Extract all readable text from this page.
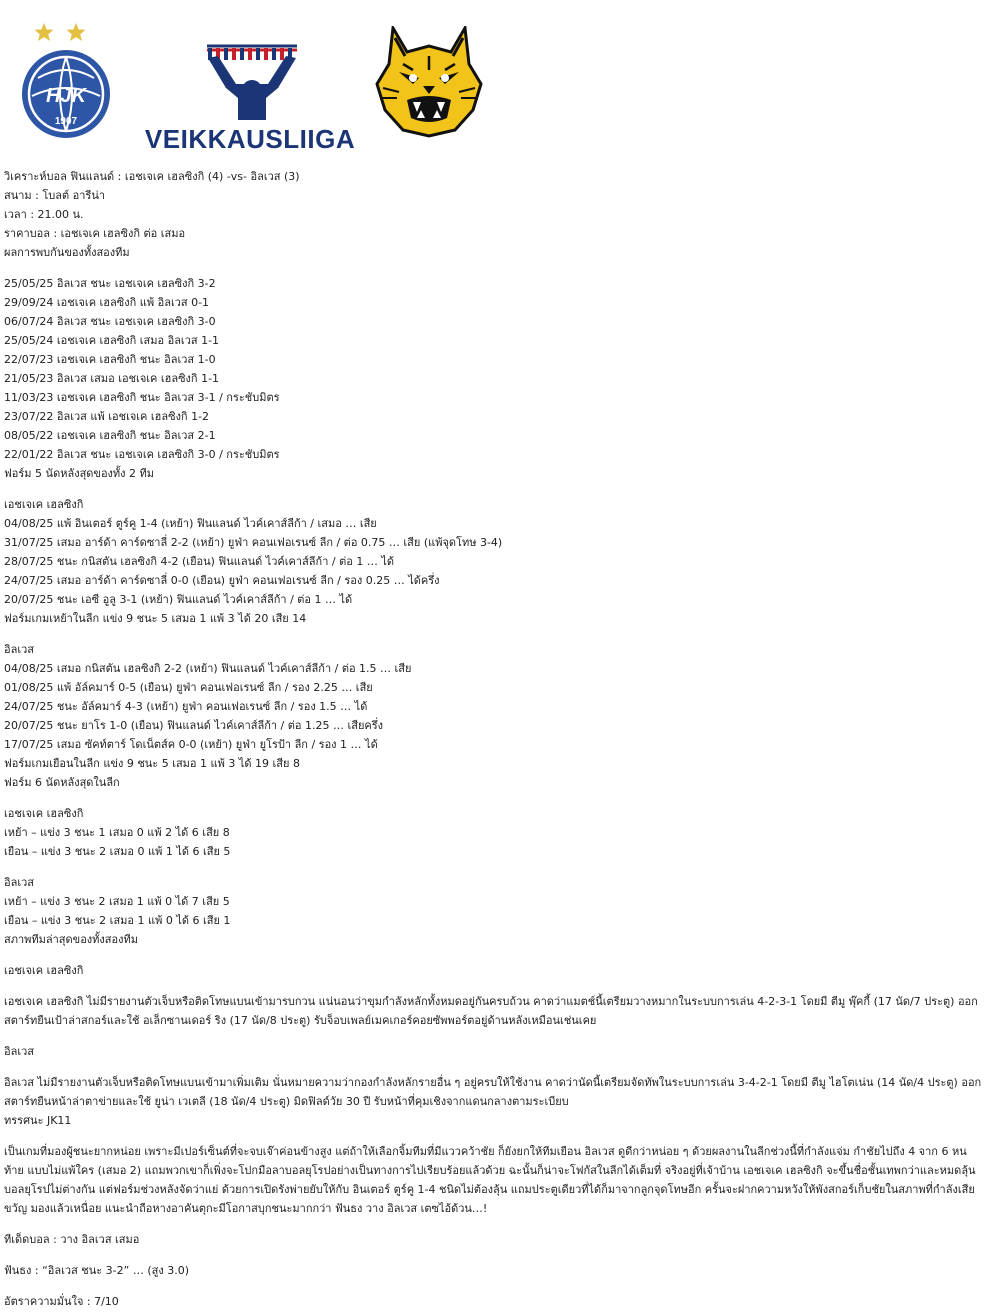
HJK
1907
VEIKKAUSLIIGA
วิเคราะห์บอล ฟินแลนด์ : เอชเจเค เฮลซิงกิ (4) -vs- อิลเวส (3)
สนาม : โบลต์ อารีน่า
เวลา : 21.00 น.
ราคาบอล : เอชเจเค เฮลซิงกิ ต่อ เสมอ
ผลการพบกันของทั้งสองทีม
25/05/25 อิลเวส ชนะ เอชเจเค เฮลซิงกิ 3-2
29/09/24 เอชเจเค เฮลซิงกิ แพ้ อิลเวส 0-1
06/07/24 อิลเวส ชนะ เอชเจเค เฮลซิงกิ 3-0
25/05/24 เอชเจเค เฮลซิงกิ เสมอ อิลเวส 1-1
22/07/23 เอชเจเค เฮลซิงกิ ชนะ อิลเวส 1-0
21/05/23 อิลเวส เสมอ เอชเจเค เฮลซิงกิ 1-1
11/03/23 เอชเจเค เฮลซิงกิ ชนะ อิลเวส 3-1 / กระชับมิตร
23/07/22 อิลเวส แพ้ เอชเจเค เฮลซิงกิ 1-2
08/05/22 เอชเจเค เฮลซิงกิ ชนะ อิลเวส 2-1
22/01/22 อิลเวส ชนะ เอชเจเค เฮลซิงกิ 3-0 / กระชับมิตร
ฟอร์ม 5 นัดหลังสุดของทั้ง 2 ทีม
เอชเจเค เฮลซิงกิ
04/08/25 แพ้ อินเตอร์ ตูร์คู 1-4 (เหย้า) ฟินแลนด์ ไวค์เคาส์ลีก้า / เสมอ … เสีย
31/07/25 เสมอ อาร์ด้า คาร์ดซาลี่ 2-2 (เหย้า) ยูฟ่า คอนเฟอเรนซ์ ลีก / ต่อ 0.75 … เสีย (แพ้จุดโทษ 3-4)
28/07/25 ชนะ กนิสตัน เฮลซิงกิ 4-2 (เยือน) ฟินแลนด์ ไวค์เคาส์ลีก้า / ต่อ 1 … ได้
24/07/25 เสมอ อาร์ด้า คาร์ดซาลี่ 0-0 (เยือน) ยูฟ่า คอนเฟอเรนซ์ ลีก / รอง 0.25 … ได้ครึ่ง
20/07/25 ชนะ เอซี อูลู 3-1 (เหย้า) ฟินแลนด์ ไวค์เคาส์ลีก้า / ต่อ 1 … ได้
ฟอร์มเกมเหย้าในลีก แข่ง 9 ชนะ 5 เสมอ 1 แพ้ 3 ได้ 20 เสีย 14
อิลเวส
04/08/25 เสมอ กนิสตัน เฮลซิงกิ 2-2 (เหย้า) ฟินแลนด์ ไวค์เคาส์ลีก้า / ต่อ 1.5 … เสีย
01/08/25 แพ้ อัล์คมาร์ 0-5 (เยือน) ยูฟ่า คอนเฟอเรนซ์ ลีก / รอง 2.25 … เสีย
24/07/25 ชนะ อัล์คมาร์ 4-3 (เหย้า) ยูฟ่า คอนเฟอเรนซ์ ลีก / รอง 1.5 … ได้
20/07/25 ชนะ ยาโร 1-0 (เยือน) ฟินแลนด์ ไวค์เคาส์ลีก้า / ต่อ 1.25 … เสียครึ่ง
17/07/25 เสมอ ซัคท์ตาร์ โดเน็ตส์ค 0-0 (เหย้า) ยูฟ่า ยูโรป้า ลีก / รอง 1 … ได้
ฟอร์มเกมเยือนในลีก แข่ง 9 ชนะ 5 เสมอ 1 แพ้ 3 ได้ 19 เสีย 8
ฟอร์ม 6 นัดหลังสุดในลีก
เอชเจเค เฮลซิงกิ
เหย้า – แข่ง 3 ชนะ 1 เสมอ 0 แพ้ 2 ได้ 6 เสีย 8
เยือน – แข่ง 3 ชนะ 2 เสมอ 0 แพ้ 1 ได้ 6 เสีย 5
อิลเวส
เหย้า – แข่ง 3 ชนะ 2 เสมอ 1 แพ้ 0 ได้ 7 เสีย 5
เยือน – แข่ง 3 ชนะ 2 เสมอ 1 แพ้ 0 ได้ 6 เสีย 1
สภาพทีมล่าสุดของทั้งสองทีม
เอชเจเค เฮลซิงกิ
เอชเจเค เฮลซิงกิ ไม่มีรายงานตัวเจ็บหรือติดโทษแบนเข้ามารบกวน แน่นอนว่าขุมกำลังหลักทั้งหมดอยู่กันครบถ้วน คาดว่าแมตช์นี้เตรียมวางหมากในระบบการเล่น 4-2-3-1 โดยมี ตีมู พุ๊คกี้ (17 นัด/7 ประตู) ออกสตาร์ทยืนเป้าล่าสกอร์และใช้ อเล็กซานเดอร์ ริง (17 นัด/8 ประตู) รับจ็อบเพลย์เมคเกอร์คอยซัพพอร์ตอยู่ด้านหลังเหมือนเช่นเคย
อิลเวส
อิลเวส ไม่มีรายงานตัวเจ็บหรือติดโทษแบนเข้ามาเพิ่มเติม นั่นหมายความว่ากองกำลังหลักรายอื่น ๆ อยู่ครบให้ใช้งาน คาดว่านัดนี้เตรียมจัดทัพในระบบการเล่น 3-4-2-1 โดยมี ตีมู ไฮโตเน่น (14 นัด/4 ประตู) ออกสตาร์ทยืนหน้าล่าตาข่ายและใช้ ยูน่า เวเตลี (18 นัด/4 ประตู) มิดฟิลด์วัย 30 ปี รับหน้าที่คุมเชิงจากแดนกลางตามระเบียบ
ทรรศนะ JK11
เป็นเกมที่มองผู้ชนะยากหน่อย เพราะมีเปอร์เซ็นต์ที่จะจบเจ๊าค่อนข้างสูง แต่ถ้าให้เลือกจิ้มทีมที่มีแววคว้าชัย ก็ยังยกให้ทีมเยือน อิลเวส ดูดีกว่าหน่อย ๆ ด้วยผลงานในลีกช่วงนี้ที่กำลังแจ่ม กำชัยไปถึง 4 จาก 6 หนท้าย แบบไม่แพ้ใคร (เสมอ 2) แถมพวกเขาก็เพิ่งจะโปกมือลาบอลยุโรปอย่างเป็นทางการไปเรียบร้อยแล้วด้วย ฉะนั้นก็น่าจะโฟกัสในลีกได้เต็มที่ จริงอยู่ที่เจ้าบ้าน เอชเจเค เฮลซิงกิ จะขึ้นชื่อชั้นเทพกว่าและหมดลุ้นบอลยุโรปไม่ต่างกัน แต่ฟอร์มช่วงหลังจัดว่าแย่ ด้วยการเปิดรังพ่ายยับให้กับ อินเตอร์ ตูร์คู 1-4 ชนิดไม่ต้องลุ้น แถมประตูเดียวที่ได้ก็มาจากลูกจุดโทษอีก ครั้นจะฝากความหวังให้พังสกอร์เก็บชัยในสภาพที่กำลังเสียขวัญ มองแล้วเหนื่อย แนะนำถือหางอาคันตุกะมีโอกาสบุกชนะมากกว่า ฟันธง วาง อิลเวส เตซไอ้ด้วน…!
ทีเด็ดบอล : วาง อิลเวส เสมอ
ฟันธง : “อิลเวส ชนะ 3-2” … (สูง 3.0)
อัตราความมั่นใจ : 7/10
